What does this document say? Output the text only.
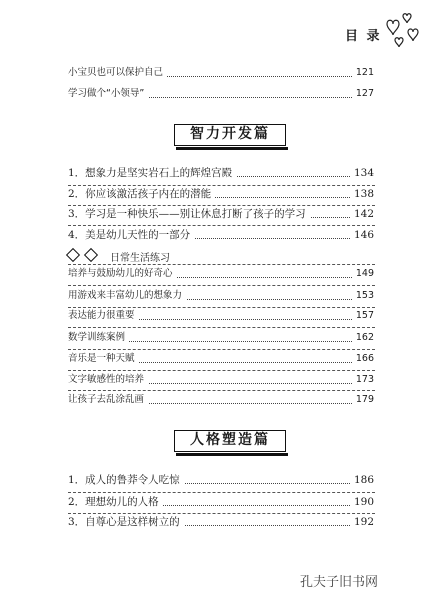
目 录
小宝贝也可以保护自己	121
学习做个“小领导”	127
智力开发篇
1．想象力是坚实岩石上的辉煌宫殿	134
2．你应该激活孩子内在的潜能	138
3．学习是一种快乐——别让休息打断了孩子的学习	142
4．美是幼儿天性的一部分	146
日常生活练习
培养与鼓励幼儿的好奇心	149
用游戏来丰富幼儿的想象力	153
表达能力很重要	157
数学训练案例	162
音乐是一种天赋	166
文字敏感性的培养	173
让孩子去乱涂乱画	179
人格塑造篇
1．成人的鲁莽令人吃惊	186
2．理想幼儿的人格	190
3．自尊心是这样树立的	192
孔夫子旧书网
